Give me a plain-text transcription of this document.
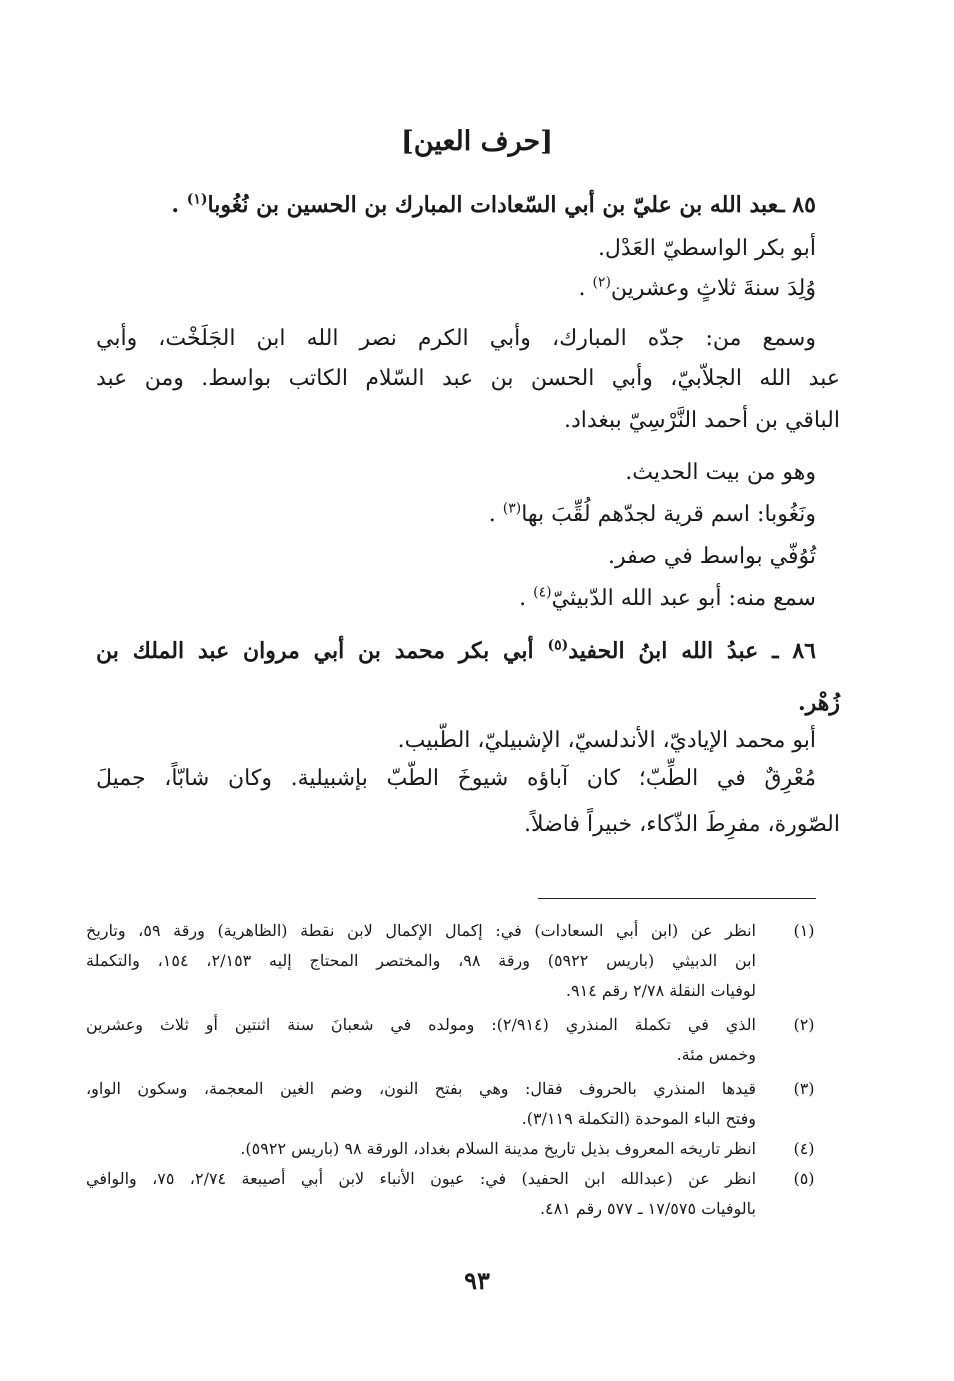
[حرف العين]
٨٥ ـعبد الله بن عليّ بن أبي السّعادات المبارك بن الحسين بن نُغُوبا$^{(١)}$ .
أبو بكر الواسطيّ العَدْل.
وُلِدَ سنةَ ثلاثٍ وعشرين$^{(٢)}$ .
وسمع من: جدّه المبارك، وأبي الكرم نصر الله ابن الجَلَخْت، وأبي
عبد الله الجلاّبيّ، وأبي الحسن بن عبد السّلام الكاتب بواسط. ومن عبد
الباقي بن أحمد النَّرْسِيّ ببغداد.
وهو من بيت الحديث.
ونَغُوبا: اسم قرية لجدّهم لُقِّبَ بها$^{(٣)}$ .
تُوُفّي بواسط في صفر.
سمع منه: أبو عبد الله الدّبيثيّ$^{(٤)}$ .
٨٦ ـ عبدُ الله ابنُ الحفيد$^{(٥)}$ أبي بكر محمد بن أبي مروان عبد الملك بن
زُهْر.
أبو محمد الإياديّ، الأندلسيّ، الإشبيليّ، الطّبيب.
مُعْرِقٌ في الطِّبّ؛ كان آباؤه شيوخَ الطّبّ بإشبيلية. وكان شابّاً، جميلَ
الصّورة، مفرِطَ الذّكاء، خبيراً فاضلاً.
(١)
انظر عن (ابن أبي السعادات) في: إكمال الإكمال لابن نقطة (الظاهرية) ورقة ٥٩، وتاريخ
ابن الدبيثي (باريس ٥٩٢٢) ورقة ٩٨، والمختصر المحتاج إليه ٢/١٥٣، ١٥٤، والتكملة
لوفيات النقلة ٢/٧٨ رقم ٩١٤.
(٢)
الذي في تكملة المنذري (٢/٩١٤): ومولده في شعبانَ سنة اثنتين أو ثلاث وعشرين
وخمس مئة.
(٣)
قيدها المنذري بالحروف فقال: وهي بفتح النون، وضم الغين المعجمة، وسكون الواو،
وفتح الباء الموحدة (التكملة ٣/١١٩).
(٤)
انظر تاريخه المعروف بذيل تاريخ مدينة السلام بغداد، الورقة ٩٨ (باريس ٥٩٢٢).
(٥)
انظر عن (عبدالله ابن الحفيد) في: عيون الأنباء لابن أبي أصيبعة ٢/٧٤، ٧٥، والوافي
بالوفيات ١٧/٥٧٥ ـ ٥٧٧ رقم ٤٨١.
٩٣
